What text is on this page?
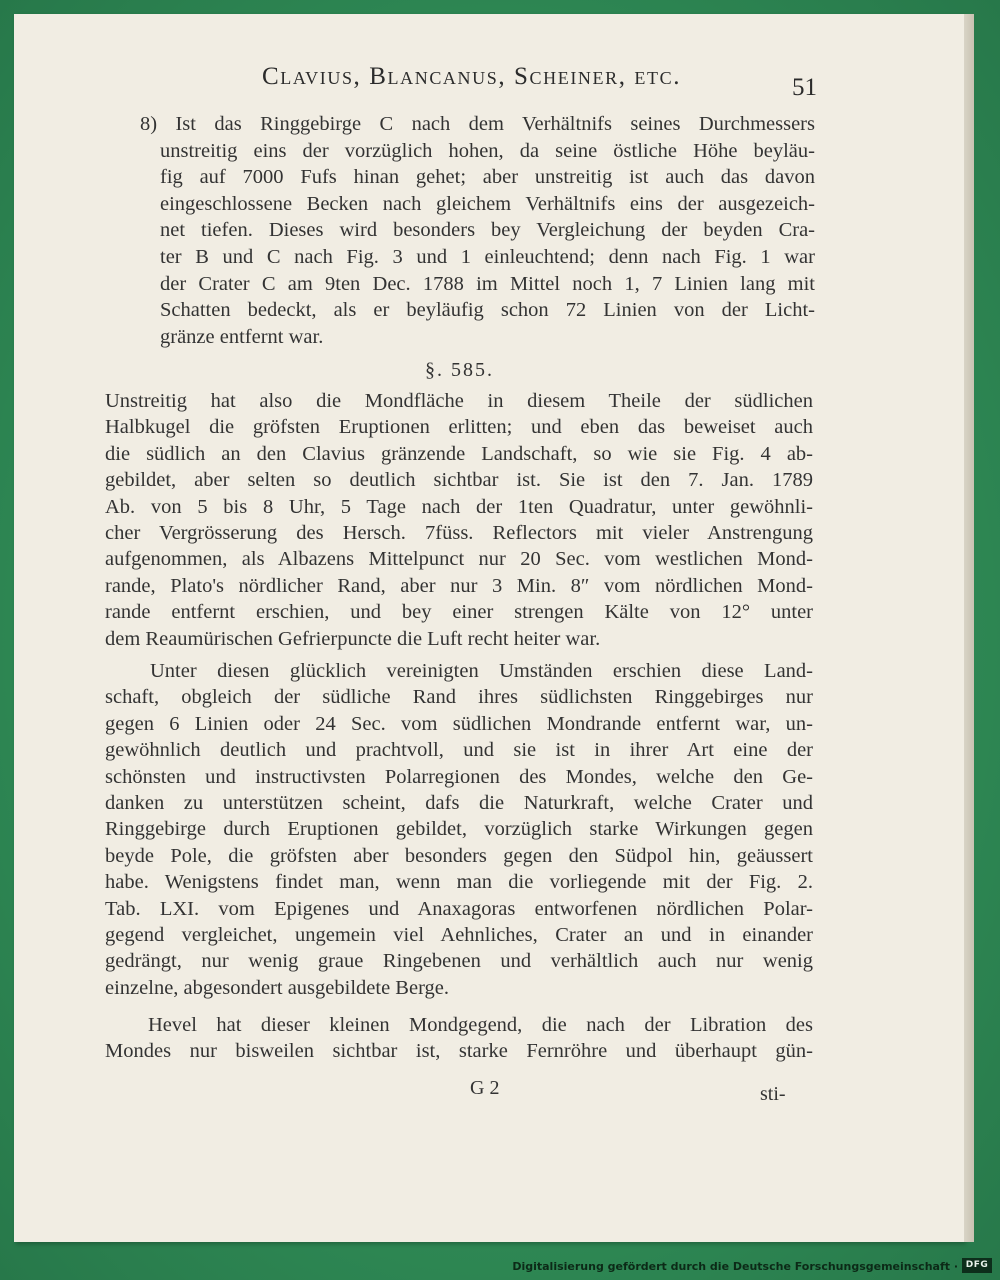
Clavius, Blancanus, Scheiner, etc.	51
8) Ist das Ringgebirge C nach dem Verhältnifs seines Durchmessers
unstreitig eins der vorzüglich hohen, da seine östliche Höhe beyläu-
fig auf 7000 Fufs hinan gehet; aber unstreitig ist auch das davon
eingeschlossene Becken nach gleichem Verhältnifs eins der ausgezeich-
net tiefen. Dieses wird besonders bey Vergleichung der beyden Cra-
ter B und C nach Fig. 3 und 1 einleuchtend; denn nach Fig. 1 war
der Crater C am 9ten Dec. 1788 im Mittel noch 1, 7 Linien lang mit
Schatten bedeckt, als er beyläufig schon 72 Linien von der Licht-
gränze entfernt war.
§. 585.
Unstreitig hat also die Mondfläche in diesem Theile der südlichen
Halbkugel die gröfsten Eruptionen erlitten; und eben das beweiset auch
die südlich an den Clavius gränzende Landschaft, so wie sie Fig. 4 ab-
gebildet, aber selten so deutlich sichtbar ist. Sie ist den 7. Jan. 1789
Ab. von 5 bis 8 Uhr, 5 Tage nach der 1ten Quadratur, unter gewöhnli-
cher Vergrösserung des Hersch. 7füss. Reflectors mit vieler Anstrengung
aufgenommen, als Albazens Mittelpunct nur 20 Sec. vom westlichen Mond-
rande, Plato's nördlicher Rand, aber nur 3 Min. 8″ vom nördlichen Mond-
rande entfernt erschien, und bey einer strengen Kälte von 12° unter
dem Reaumürischen Gefrierpuncte die Luft recht heiter war.
Unter diesen glücklich vereinigten Umständen erschien diese Land-
schaft, obgleich der südliche Rand ihres südlichsten Ringgebirges nur
gegen 6 Linien oder 24 Sec. vom südlichen Mondrande entfernt war, un-
gewöhnlich deutlich und prachtvoll, und sie ist in ihrer Art eine der
schönsten und instructivsten Polarregionen des Mondes, welche den Ge-
danken zu unterstützen scheint, dafs die Naturkraft, welche Crater und
Ringgebirge durch Eruptionen gebildet, vorzüglich starke Wirkungen gegen
beyde Pole, die gröfsten aber besonders gegen den Südpol hin, geäussert
habe. Wenigstens findet man, wenn man die vorliegende mit der Fig. 2.
Tab. LXI. vom Epigenes und Anaxagoras entworfenen nördlichen Polar-
gegend vergleichet, ungemein viel Aehnliches, Crater an und in einander
gedrängt, nur wenig graue Ringebenen und verhältlich auch nur wenig
einzelne, abgesondert ausgebildete Berge.
Hevel hat dieser kleinen Mondgegend, die nach der Libration des
Mondes nur bisweilen sichtbar ist, starke Fernröhre und überhaupt gün-
G 2	sti-
Digitalisierung gefördert durch die Deutsche Forschungsgemeinschaft · DFG
